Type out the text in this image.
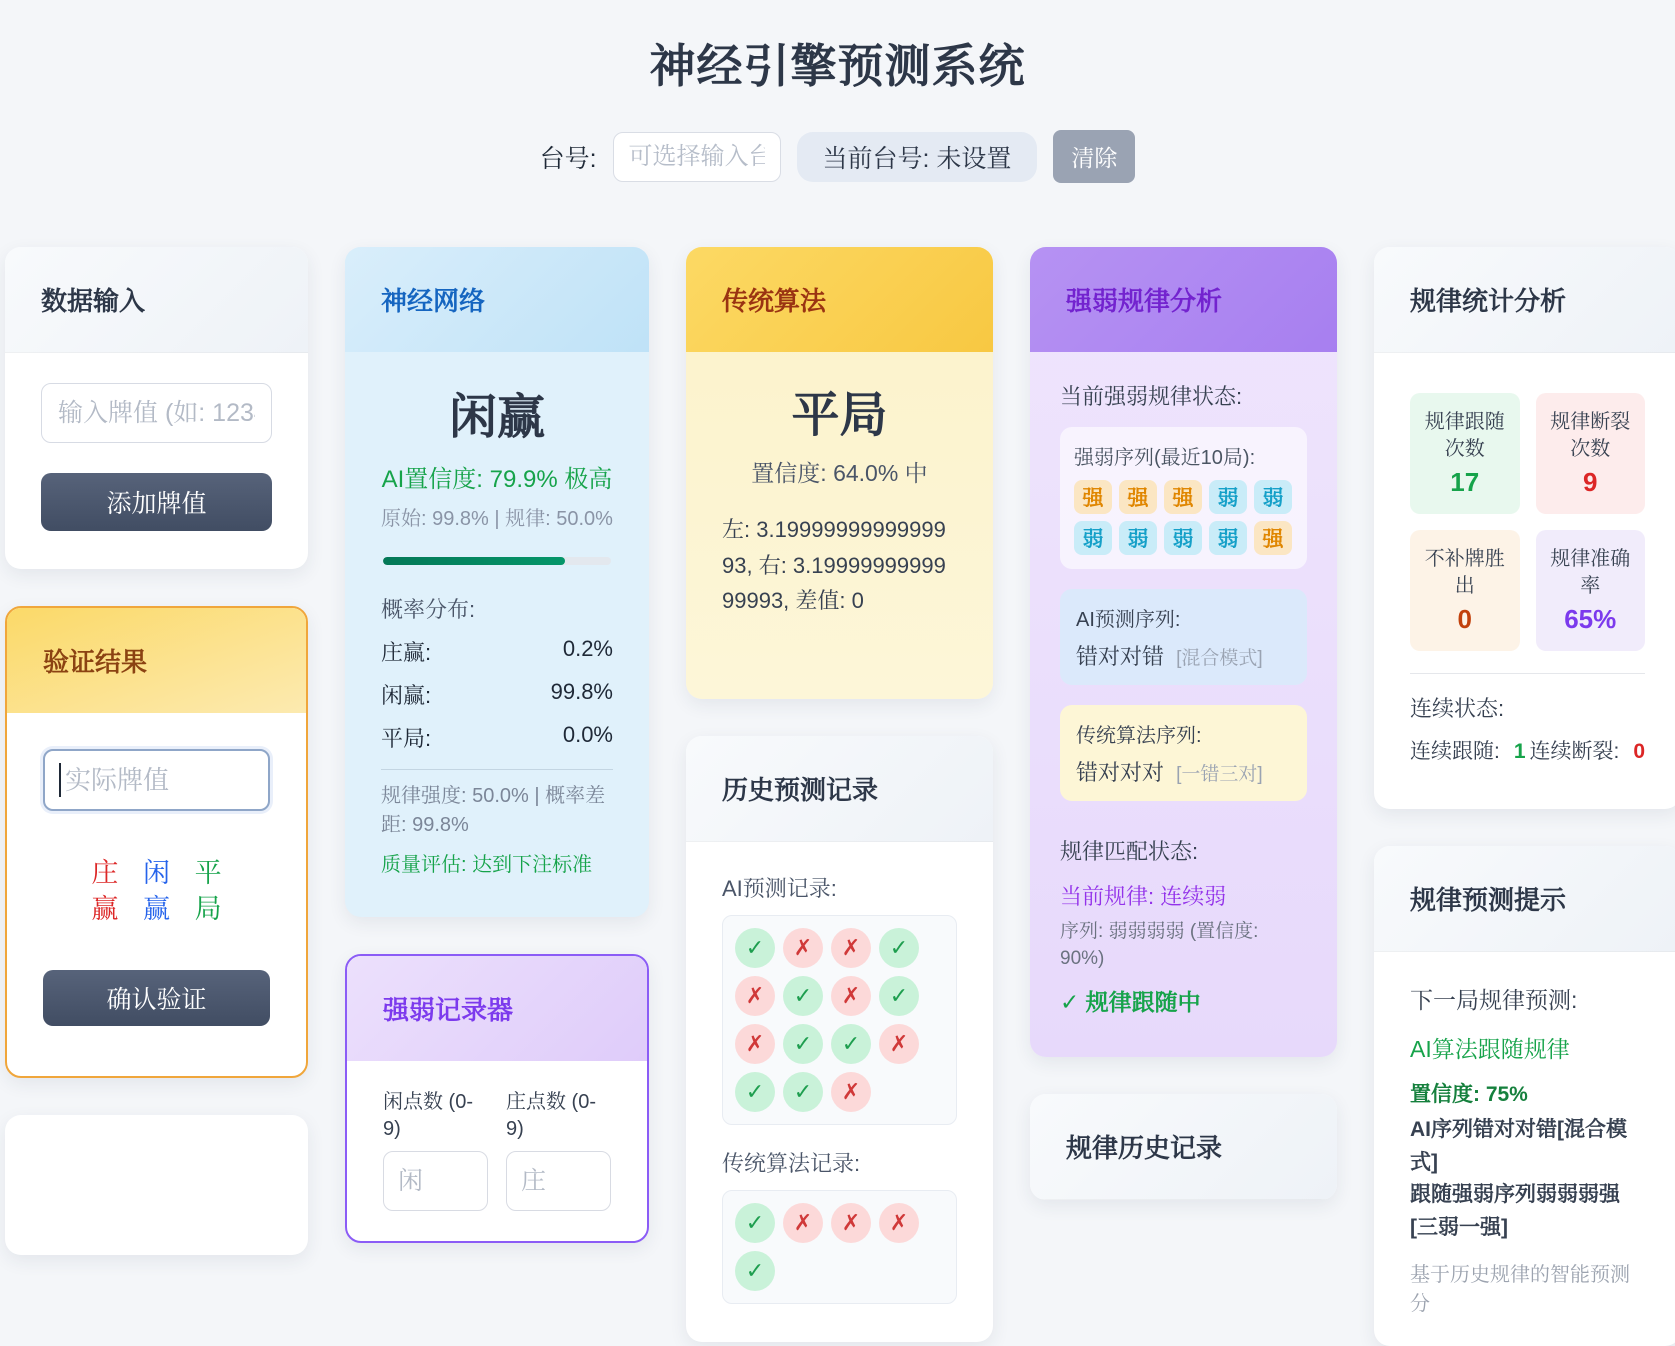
神经引擎预测系统
台号:
可选择输入台	当前台号: 未设置	清除
数据输入
输入牌值 (如: 1234 添加牌值
验证结果
实际牌值
庄赢
闲赢
平局
确认验证
神经网络
闲赢
AI置信度: 79.9% 极高
原始: 99.8% | 规律: 50.0%
概率分布:
庄赢:	0.2%
闲赢:	99.8%
平局:	0.0%
规律强度: 50.0% | 概率差距: 99.8%
质量评估: 达到下注标准
强弱记录器
闲点数 (0-9)
闲
庄点数 (0-9)
庄
传统算法
平局
置信度: 64.0% 中
左: 3.1999999999999993, 右: 3.1999999999999993, 差值: 0
历史预测记录
AI预测记录:
✓	✗	✗	✓
✗	✓	✗	✓
✗	✓	✓	✗
✓	✓	✗
传统算法记录:
✓	✗	✗	✗
✓
强弱规律分析
当前强弱规律状态:
强弱序列(最近10局):
强	强	强	弱	弱
弱	弱	弱	弱	强
AI预测序列:
错对对错 [混合模式]
传统算法序列:
错对对对 [一错三对]
规律匹配状态:
当前规律: 连续弱
序列: 弱弱弱弱 (置信度: 90%)
✓ 规律跟随中
规律历史记录
规律统计分析
规律跟随次数
17
规律断裂次数
9
不补牌胜出
0
规律准确率
65%
连续状态:
连续跟随: 1 连续断裂: 0
规律预测提示
下一局规律预测:
AI算法跟随规律
置信度: 75%
AI序列错对对错[混合模式]
跟随强弱序列弱弱弱强[三弱一强]
基于历史规律的智能预测分
